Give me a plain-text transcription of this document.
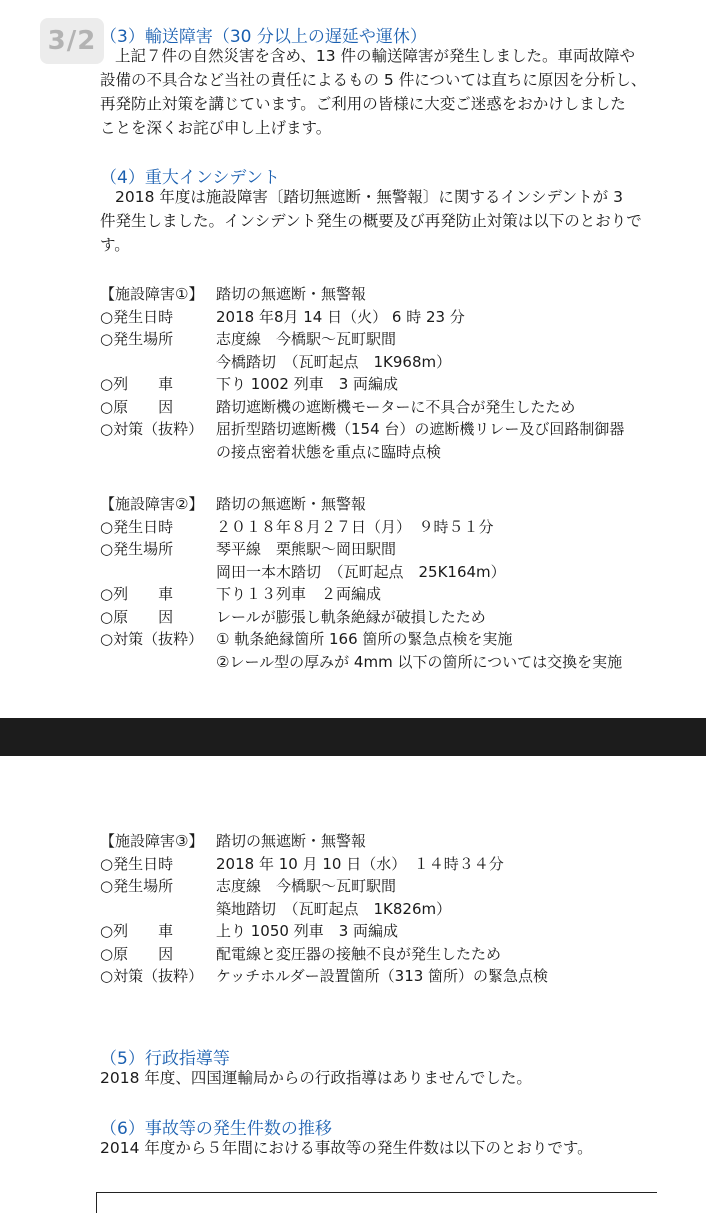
3/2 （3）輸送障害（30 分以上の遅延や運休）
上記７件の自然災害を含め、13 件の輸送障害が発生しました。車両故障や
設備の不具合など当社の責任によるもの 5 件については直ちに原因を分析し、
再発防止対策を講じています。ご利用の皆様に大変ご迷惑をおかけしました
ことを深くお詫び申し上げます。
（4）重大インシデント
2018 年度は施設障害〔踏切無遮断・無警報〕に関するインシデントが 3
件発生しました。インシデント発生の概要及び再発防止対策は以下のとおりで
す。
【施設障害①】 踏切の無遮断・無警報
○発生日時	2018 年8月 14 日（火） 6 時 23 分
○発生場所	志度線　今橋駅～瓦町駅間
今橋踏切　（瓦町起点　1K968m）
○列　　車	下り 1002 列車　3 両編成
○原　　因	踏切遮断機の遮断機モーターに不具合が発生したため
○対策（抜粋） 屈折型踏切遮断機（154 台）の遮断機リレー及び回路制御器
の接点密着状態を重点に臨時点検
【施設障害②】 踏切の無遮断・無警報
○発生日時	２０１８年８月２７日（月）　９時５１分
○発生場所	琴平線　栗熊駅～岡田駅間
岡田一本木踏切　（瓦町起点　25K164m）
○列　　車	下り１３列車　２両編成
○原　　因	レールが膨張し軌条絶縁が破損したため
○対策（抜粋） ① 軌条絶縁箇所 166 箇所の緊急点検を実施
②レール型の厚みが 4mm 以下の箇所については交換を実施
【施設障害③】 踏切の無遮断・無警報
○発生日時	2018 年 10 月 10 日（水）　１４時３４分
○発生場所	志度線　今橋駅～瓦町駅間
築地踏切　（瓦町起点　1K826m）
○列　　車	上り 1050 列車　3 両編成
○原　　因	配電線と変圧器の接触不良が発生したため
○対策（抜粋） ケッチホルダー設置箇所（313 箇所）の緊急点検
（5）行政指導等
2018 年度、四国運輸局からの行政指導はありませんでした。
（6）事故等の発生件数の推移
2014 年度から５年間における事故等の発生件数は以下のとおりです。
